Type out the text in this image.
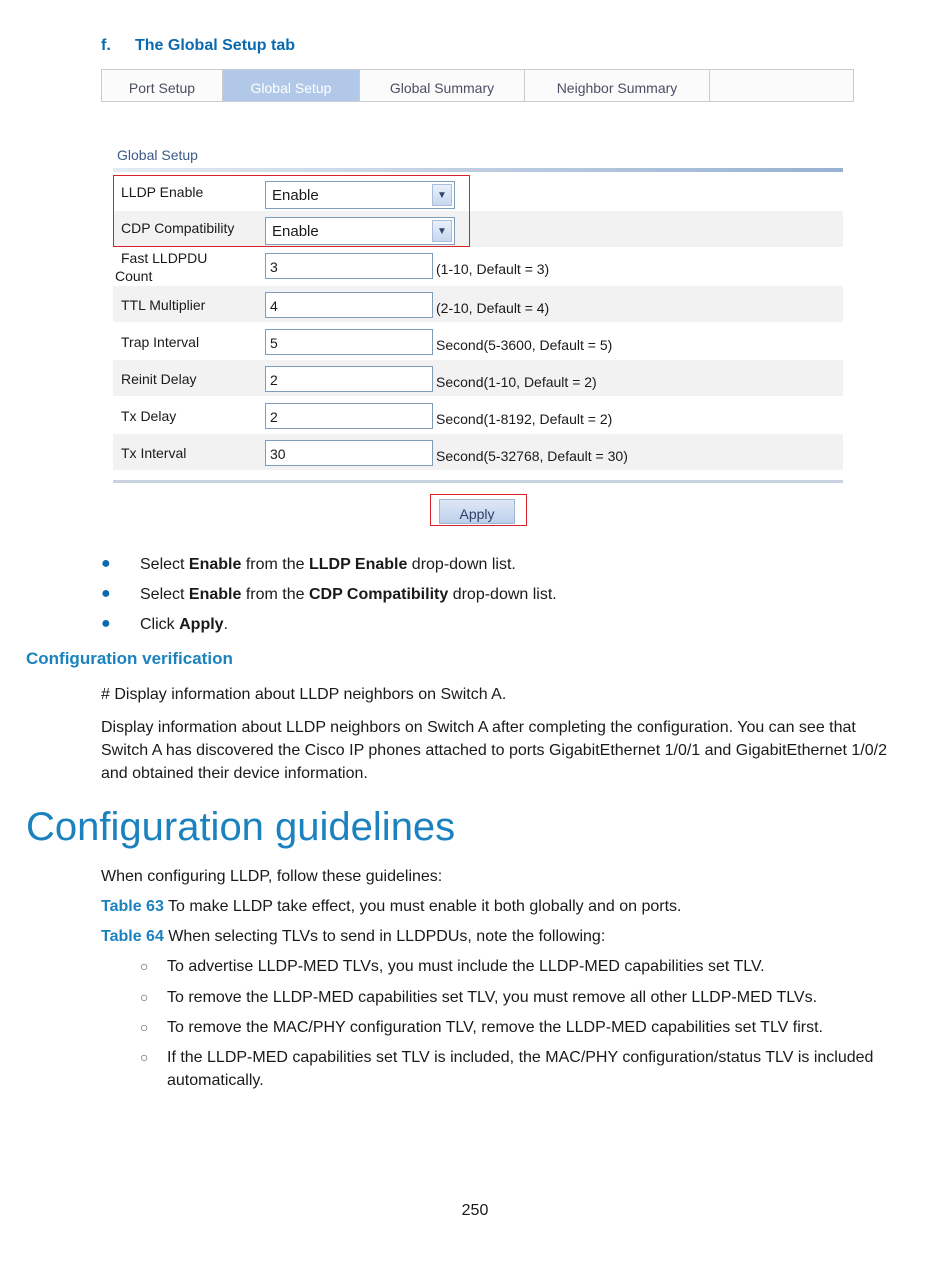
f. The Global Setup tab
Port Setup	Global Setup	Global Summary	Neighbor Summary
Global Setup
LLDP Enable	Enable	▼
CDP Compatibility	Enable	▼
Fast LLDPDU
Count
3	(1-10, Default = 3)
TTL Multiplier	4	(2-10, Default = 4)
Trap Interval	5	Second(5-3600, Default = 5)
Reinit Delay	2	Second(1-10, Default = 2)
Tx Delay	2	Second(1-8192, Default = 2)
Tx Interval	30	Second(5-32768, Default = 30)
Apply
● Select Enable from the LLDP Enable drop-down list.
● Select Enable from the CDP Compatibility drop-down list.
● Click Apply.
Configuration verification
# Display information about LLDP neighbors on Switch A.
Display information about LLDP neighbors on Switch A after completing the configuration. You can see that Switch A has discovered the Cisco IP phones attached to ports GigabitEthernet 1/0/1 and GigabitEthernet 1/0/2 and obtained their device information.
Configuration guidelines
When configuring LLDP, follow these guidelines:
Table 63 To make LLDP take effect, you must enable it both globally and on ports.
Table 64 When selecting TLVs to send in LLDPDUs, note the following:
○ To advertise LLDP-MED TLVs, you must include the LLDP-MED capabilities set TLV.
○ To remove the LLDP-MED capabilities set TLV, you must remove all other LLDP-MED TLVs.
○ To remove the MAC/PHY configuration TLV, remove the LLDP-MED capabilities set TLV first.
○ If the LLDP-MED capabilities set TLV is included, the MAC/PHY configuration/status TLV is included automatically.
250
